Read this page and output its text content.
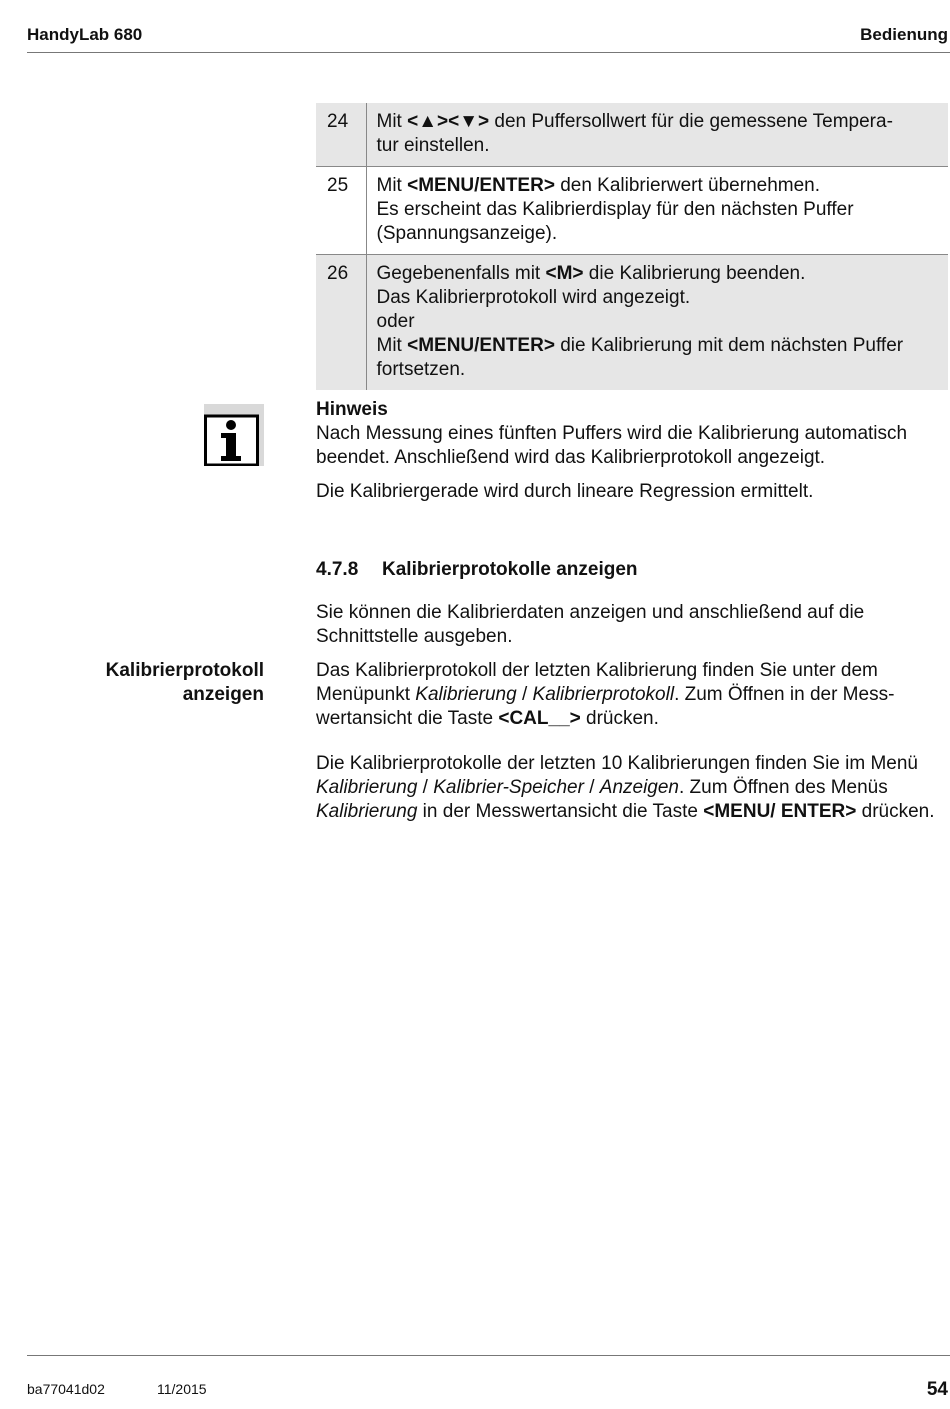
HandyLab 680	Bedienung
24	Mit <▲><▼> den Puffersollwert für die gemessene Tempera-

tur einstellen.

25	Mit <MENU/ENTER> den Kalibrierwert übernehmen.

Es erscheint das Kalibrierdisplay für den nächsten Puffer

(Spannungsanzeige).

26	Gegebenenfalls mit <M> die Kalibrierung beenden.

Das Kalibrierprotokoll wird angezeigt.

oder

Mit <MENU/ENTER> die Kalibrierung mit dem nächsten Puffer

fortsetzen.

Hinweis

Nach Messung eines fünften Puffers wird die Kalibrierung automatisch beendet. Anschließend wird das Kalibrierprotokoll angezeigt.

Die Kalibriergerade wird durch lineare Regression ermittelt.

4.7.8 Kalibrierprotokolle anzeigen

Sie können die Kalibrierdaten anzeigen und anschließend auf die Schnittstelle ausgeben.

Kalibrierprotokoll
anzeigen

Das Kalibrierprotokoll der letzten Kalibrierung finden Sie unter dem Menüpunkt Kalibrierung / Kalibrierprotokoll. Zum Öffnen in der Mess-wertansicht die Taste <CAL__> drücken.

Die Kalibrierprotokolle der letzten 10 Kalibrierungen finden Sie im Menü Kalibrierung / Kalibrier-Speicher / Anzeigen. Zum Öffnen des Menüs Kalibrierung in der Messwertansicht die Taste <MENU/ ENTER> drücken.

ba77041d02	11/2015	54
